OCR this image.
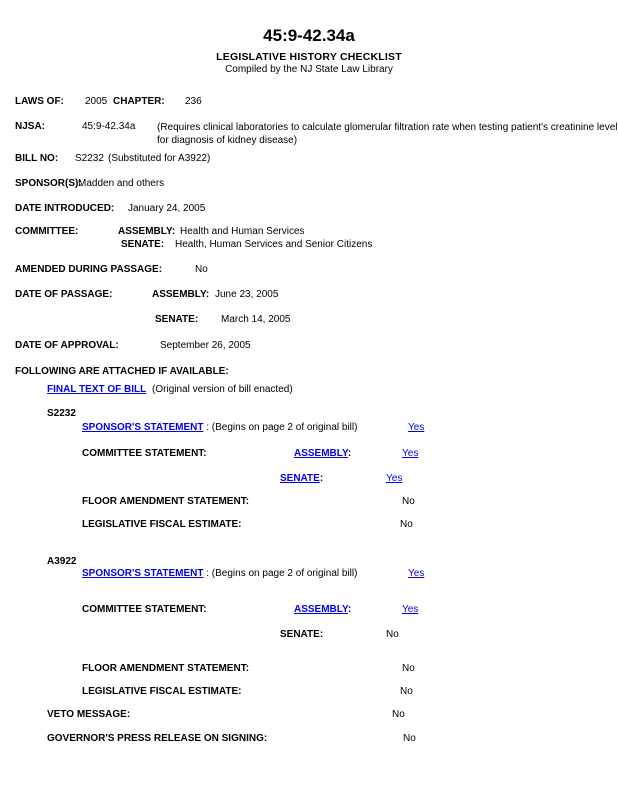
45:9-42.34a
LEGISLATIVE HISTORY CHECKLIST
Compiled by the NJ State Law Library
LAWS OF: 2005 CHAPTER: 236
NJSA:	45:9-42.34a (Requires clinical laboratories to calculate glomerular filtration rate when testing patient's creatinine level for diagnosis of kidney disease)
BILL NO: S2232 (Substituted for A3922)
SPONSOR(S):
Madden and others
DATE INTRODUCED: January 24, 2005
COMMITTEE:	ASSEMBLY: Health and Human Services
SENATE: Health, Human Services and Senior Citizens
AMENDED DURING PASSAGE:	No
DATE OF PASSAGE:	ASSEMBLY: June 23, 2005
SENATE: March 14, 2005
DATE OF APPROVAL:	September 26, 2005
FOLLOWING ARE ATTACHED IF AVAILABLE:
FINAL TEXT OF BILL (Original version of bill enacted)
S2232
SPONSOR'S STATEMENT : (Begins on page 2 of original bill)	Yes
COMMITTEE STATEMENT:	ASSEMBLY:	Yes
SENATE:	Yes
FLOOR AMENDMENT STATEMENT:	No
LEGISLATIVE FISCAL ESTIMATE:	No
A3922
SPONSOR'S STATEMENT : (Begins on page 2 of original bill)	Yes
COMMITTEE STATEMENT:	ASSEMBLY:	Yes
SENATE:	No
FLOOR AMENDMENT STATEMENT:	No
LEGISLATIVE FISCAL ESTIMATE:	No
VETO MESSAGE:	No
GOVERNOR'S PRESS RELEASE ON SIGNING:	No
